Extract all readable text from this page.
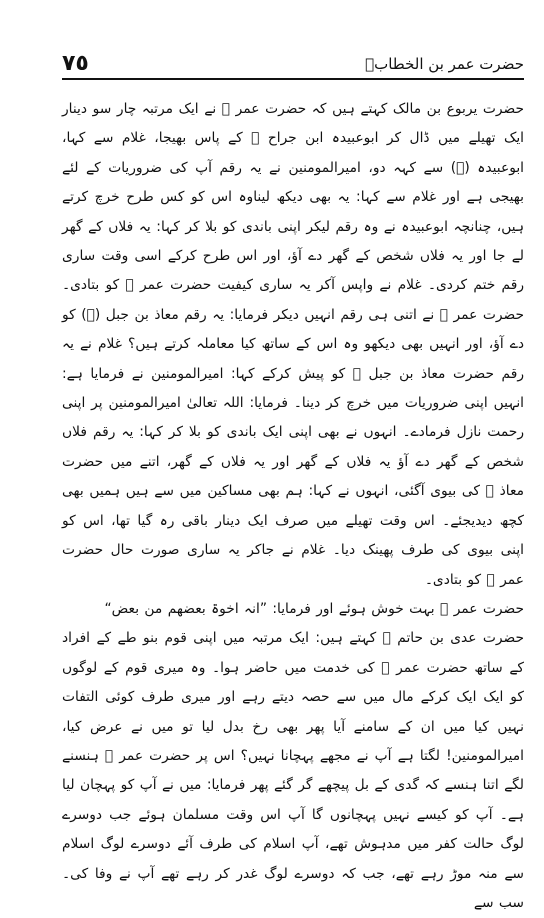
٧٥	حضرت عمر بن الخطابؓ

حضرت یربوع بن مالک کہتے ہیں کہ حضرت عمر ﷜ نے ایک مرتبہ چار سو دینار ایک تھیلے میں ڈال کر ابوعبیدہ ابن جراح ﷜ کے پاس بھیجا، غلام سے کہا، ابوعبیدہ (﷜) سے کہہ دو، امیرالمومنین نے یہ رقم آپ کی ضروریات کے لئے بھیجی ہے اور غلام سے کہا: یہ بھی دیکھ لیناوہ اس کو کس طرح خرچ کرتے ہیں، چنانچہ ابوعبیدہ نے وہ رقم لیکر اپنی باندی کو بلا کر کہا: یہ فلاں کے گھر لے جا اور یہ فلاں شخص کے گھر دے آؤ، اور اس طرح کرکے اسی وقت ساری رقم ختم کردی۔ غلام نے واپس آکر یہ ساری کیفیت حضرت عمر ﷜ کو بتادی۔ حضرت عمر ﷜ نے اتنی ہی رقم انہیں دیکر فرمایا: یہ رقم معاذ بن جبل (﷜) کو دے آؤ، اور انہیں بھی دیکھو وہ اس کے ساتھ کیا معاملہ کرتے ہیں؟ غلام نے یہ رقم حضرت معاذ بن جبل ﷜ کو پیش کرکے کہا: امیرالمومنین نے فرمایا ہے: انہیں اپنی ضروریات میں خرچ کر دینا۔ فرمایا: اللہ تعالیٰ امیرالمومنین پر اپنی رحمت نازل فرمادے۔ انہوں نے بھی اپنی ایک باندی کو بلا کر کہا: یہ رقم فلاں شخص کے گھر دے آؤ یہ فلاں کے گھر اور یہ فلاں کے گھر، اتنے میں حضرت معاذ ﷜ کی بیوی آگئی، انہوں نے کہا: ہم بھی مساکین میں سے ہیں ہمیں بھی کچھ دیدیجئے۔ اس وقت تھیلے میں صرف ایک دینار باقی رہ گیا تھا، اس کو اپنی بیوی کی طرف پھینک دیا۔ غلام نے جاکر یہ ساری صورت حال حضرت عمر ﷜ کو بتادی۔

حضرت عمر ﷜ بہت خوش ہوئے اور فرمایا: ”انہ اخوۃ بعضھم من بعض“

حضرت عدی بن حاتم ﷜ کہتے ہیں: ایک مرتبہ میں اپنی قوم بنو طے کے افراد کے ساتھ حضرت عمر ﷜ کی خدمت میں حاضر ہوا۔ وہ میری قوم کے لوگوں کو ایک ایک کرکے مال میں سے حصہ دیتے رہے اور میری طرف کوئی التفات نہیں کیا میں ان کے سامنے آیا پھر بھی رخ بدل لیا تو میں نے عرض کیا، امیرالمومنین! لگتا ہے آپ نے مجھے پہچانا نہیں؟ اس پر حضرت عمر ﷜ ہنسنے لگے اتنا ہنسے کہ گدی کے بل پیچھے گر گئے پھر فرمایا: میں نے آپ کو پہچان لیا ہے۔ آپ کو کیسے نہیں پہچانوں گا آپ اس وقت مسلمان ہوئے جب دوسرے لوگ حالت کفر میں مدہوش تھے، آپ اسلام کی طرف آئے دوسرے لوگ اسلام سے منہ موڑ رہے تھے، جب کہ دوسرے لوگ غدر کر رہے تھے آپ نے وفا کی۔ سب سے
